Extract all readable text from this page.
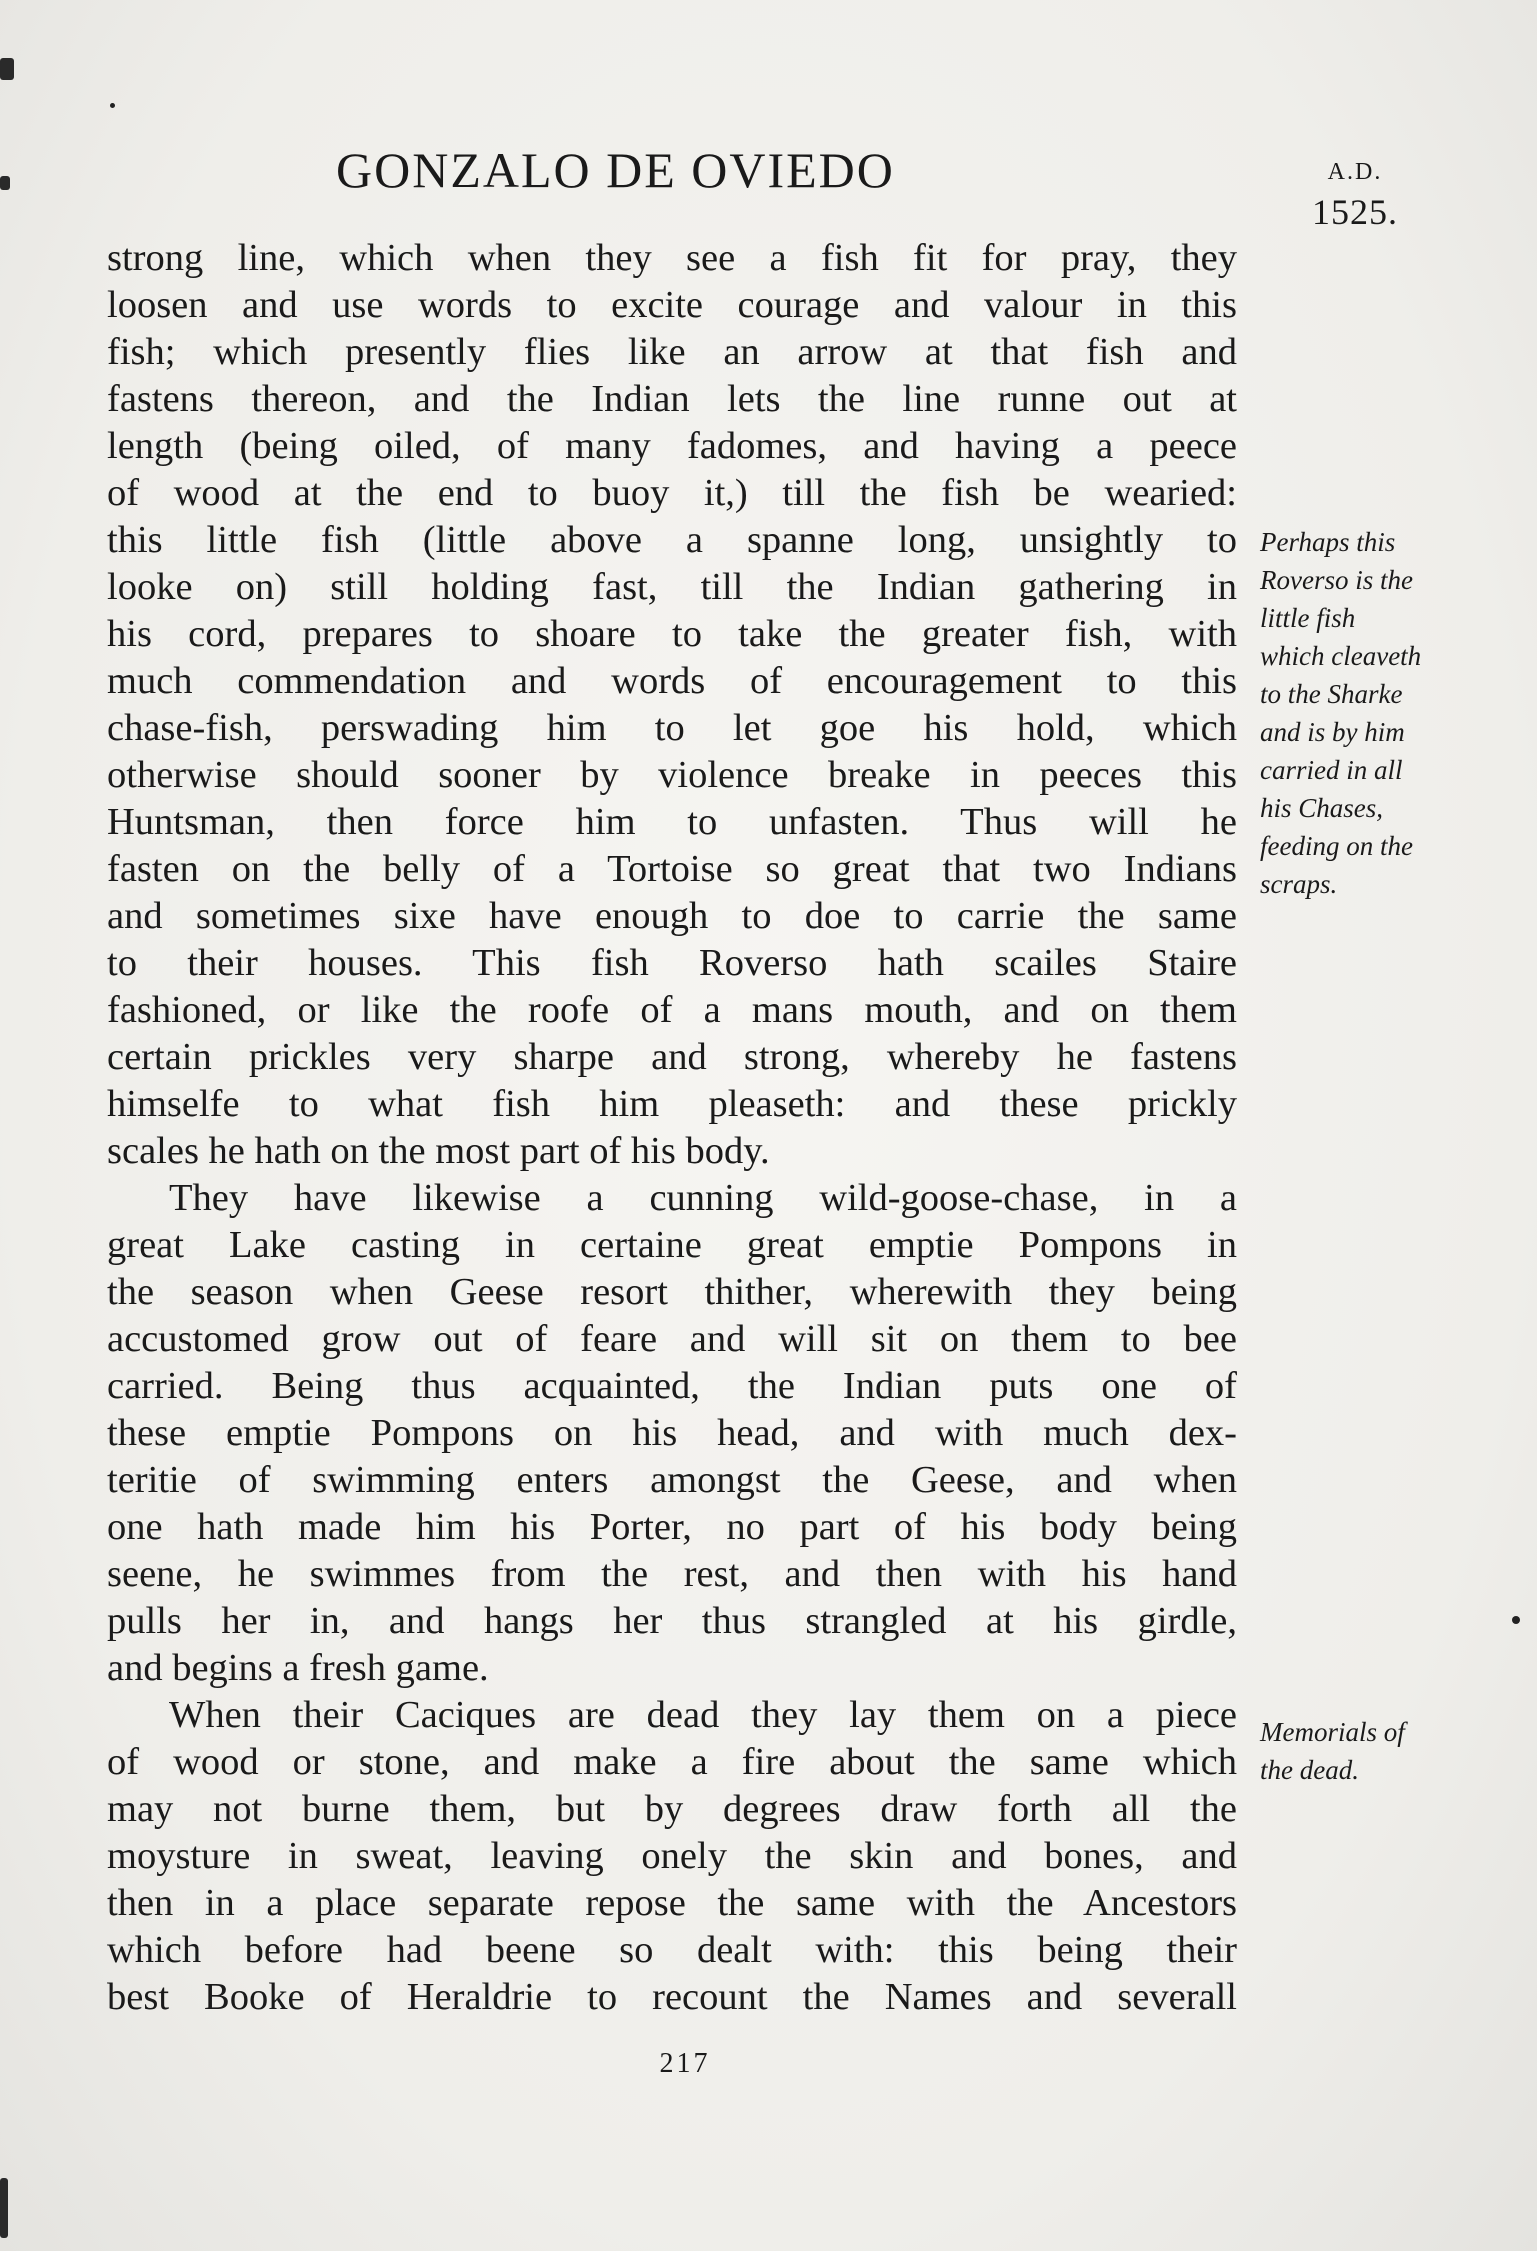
GONZALO DE OVIEDO	A.D.
1525.
strong line, which when they see a fish fit for pray, they
loosen and use words to excite courage and valour in this
fish; which presently flies like an arrow at that fish and
fastens thereon, and the Indian lets the line runne out at
length (being oiled, of many fadomes, and having a peece
of wood at the end to buoy it,) till the fish be wearied:
this little fish (little above a spanne long, unsightly to
looke on) still holding fast, till the Indian gathering in
his cord, prepares to shoare to take the greater fish, with
much commendation and words of encouragement to this
chase-fish, perswading him to let goe his hold, which
otherwise should sooner by violence breake in peeces this
Huntsman, then force him to unfasten. Thus will he
fasten on the belly of a Tortoise so great that two Indians
and sometimes sixe have enough to doe to carrie the same
to their houses. This fish Roverso hath scailes Staire
fashioned, or like the roofe of a mans mouth, and on them
certain prickles very sharpe and strong, whereby he fastens
himselfe to what fish him pleaseth: and these prickly
scales he hath on the most part of his body.
They have likewise a cunning wild-goose-chase, in a
great Lake casting in certaine great emptie Pompons in
the season when Geese resort thither, wherewith they being
accustomed grow out of feare and will sit on them to bee
carried. Being thus acquainted, the Indian puts one of
these emptie Pompons on his head, and with much dex-
teritie of swimming enters amongst the Geese, and when
one hath made him his Porter, no part of his body being
seene, he swimmes from the rest, and then with his hand
pulls her in, and hangs her thus strangled at his girdle,
and begins a fresh game.
When their Caciques are dead they lay them on a piece
of wood or stone, and make a fire about the same which
may not burne them, but by degrees draw forth all the
moysture in sweat, leaving onely the skin and bones, and
then in a place separate repose the same with the Ancestors
which before had beene so dealt with: this being their
best Booke of Heraldrie to recount the Names and severall
Perhaps this
Roverso is the
little fish
which cleaveth
to the Sharke
and is by him
carried in all
his Chases,
feeding on the
scraps.
Memorials of
the dead.
217
